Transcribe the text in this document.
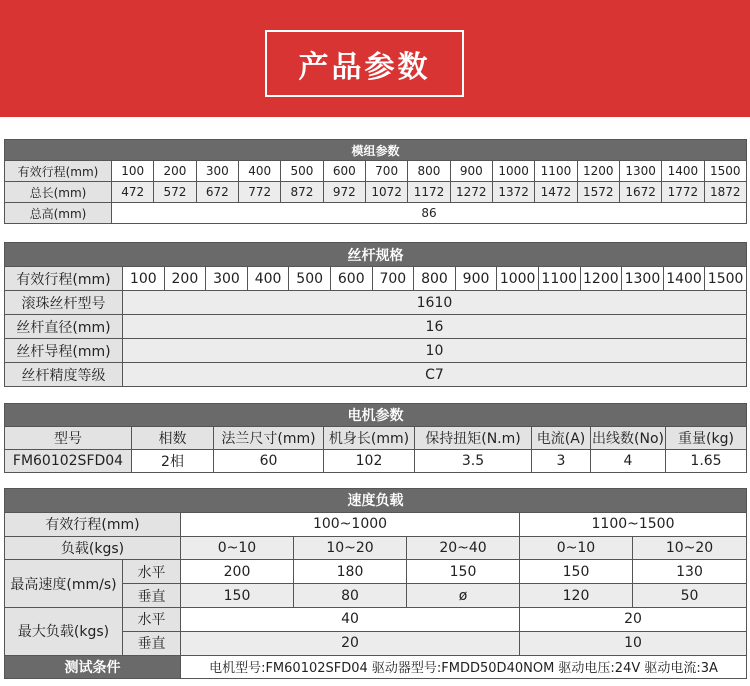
产品参数
模组参数															
有效行程(mm)	100	200	300	400	500	600	700	800	900	1000	1100	1200	1300	1400	1500
总长(mm)	472	572	672	772	872	972	1072	1172	1272	1372	1472	1572	1672	1772	1872
总高(mm)	86														
丝杆规格															
有效行程(mm)	100	200	300	400	500	600	700	800	900	1000	1100	1200	1300	1400	1500
滚珠丝杆型号	1610														
丝杆直径(mm)	16														
丝杆导程(mm)	10														
丝杆精度等级	C7														
电机参数							
型号	相数	法兰尺寸(mm)	机身长(mm)	保持扭矩(N.m)	电流(A)	出线数(No)	重量(kg)
FM60102SFD04	2相	60	102	3.5	3	4	1.65
速度负载						
有效行程(mm)		100~1000			1100~1500	
负载(kgs)		0~10	10~20	20~40	0~10	10~20
最高速度(mm/s)	水平	200	180	150	150	130
	垂直	150	80	ø	120	50
最大负载(kgs)	水平	40			20	
	垂直	20			10	
测试条件		电机型号:FM60102SFD04 驱动器型号:FMDD50D40NOM 驱动电压:24V 驱动电流:3A				
